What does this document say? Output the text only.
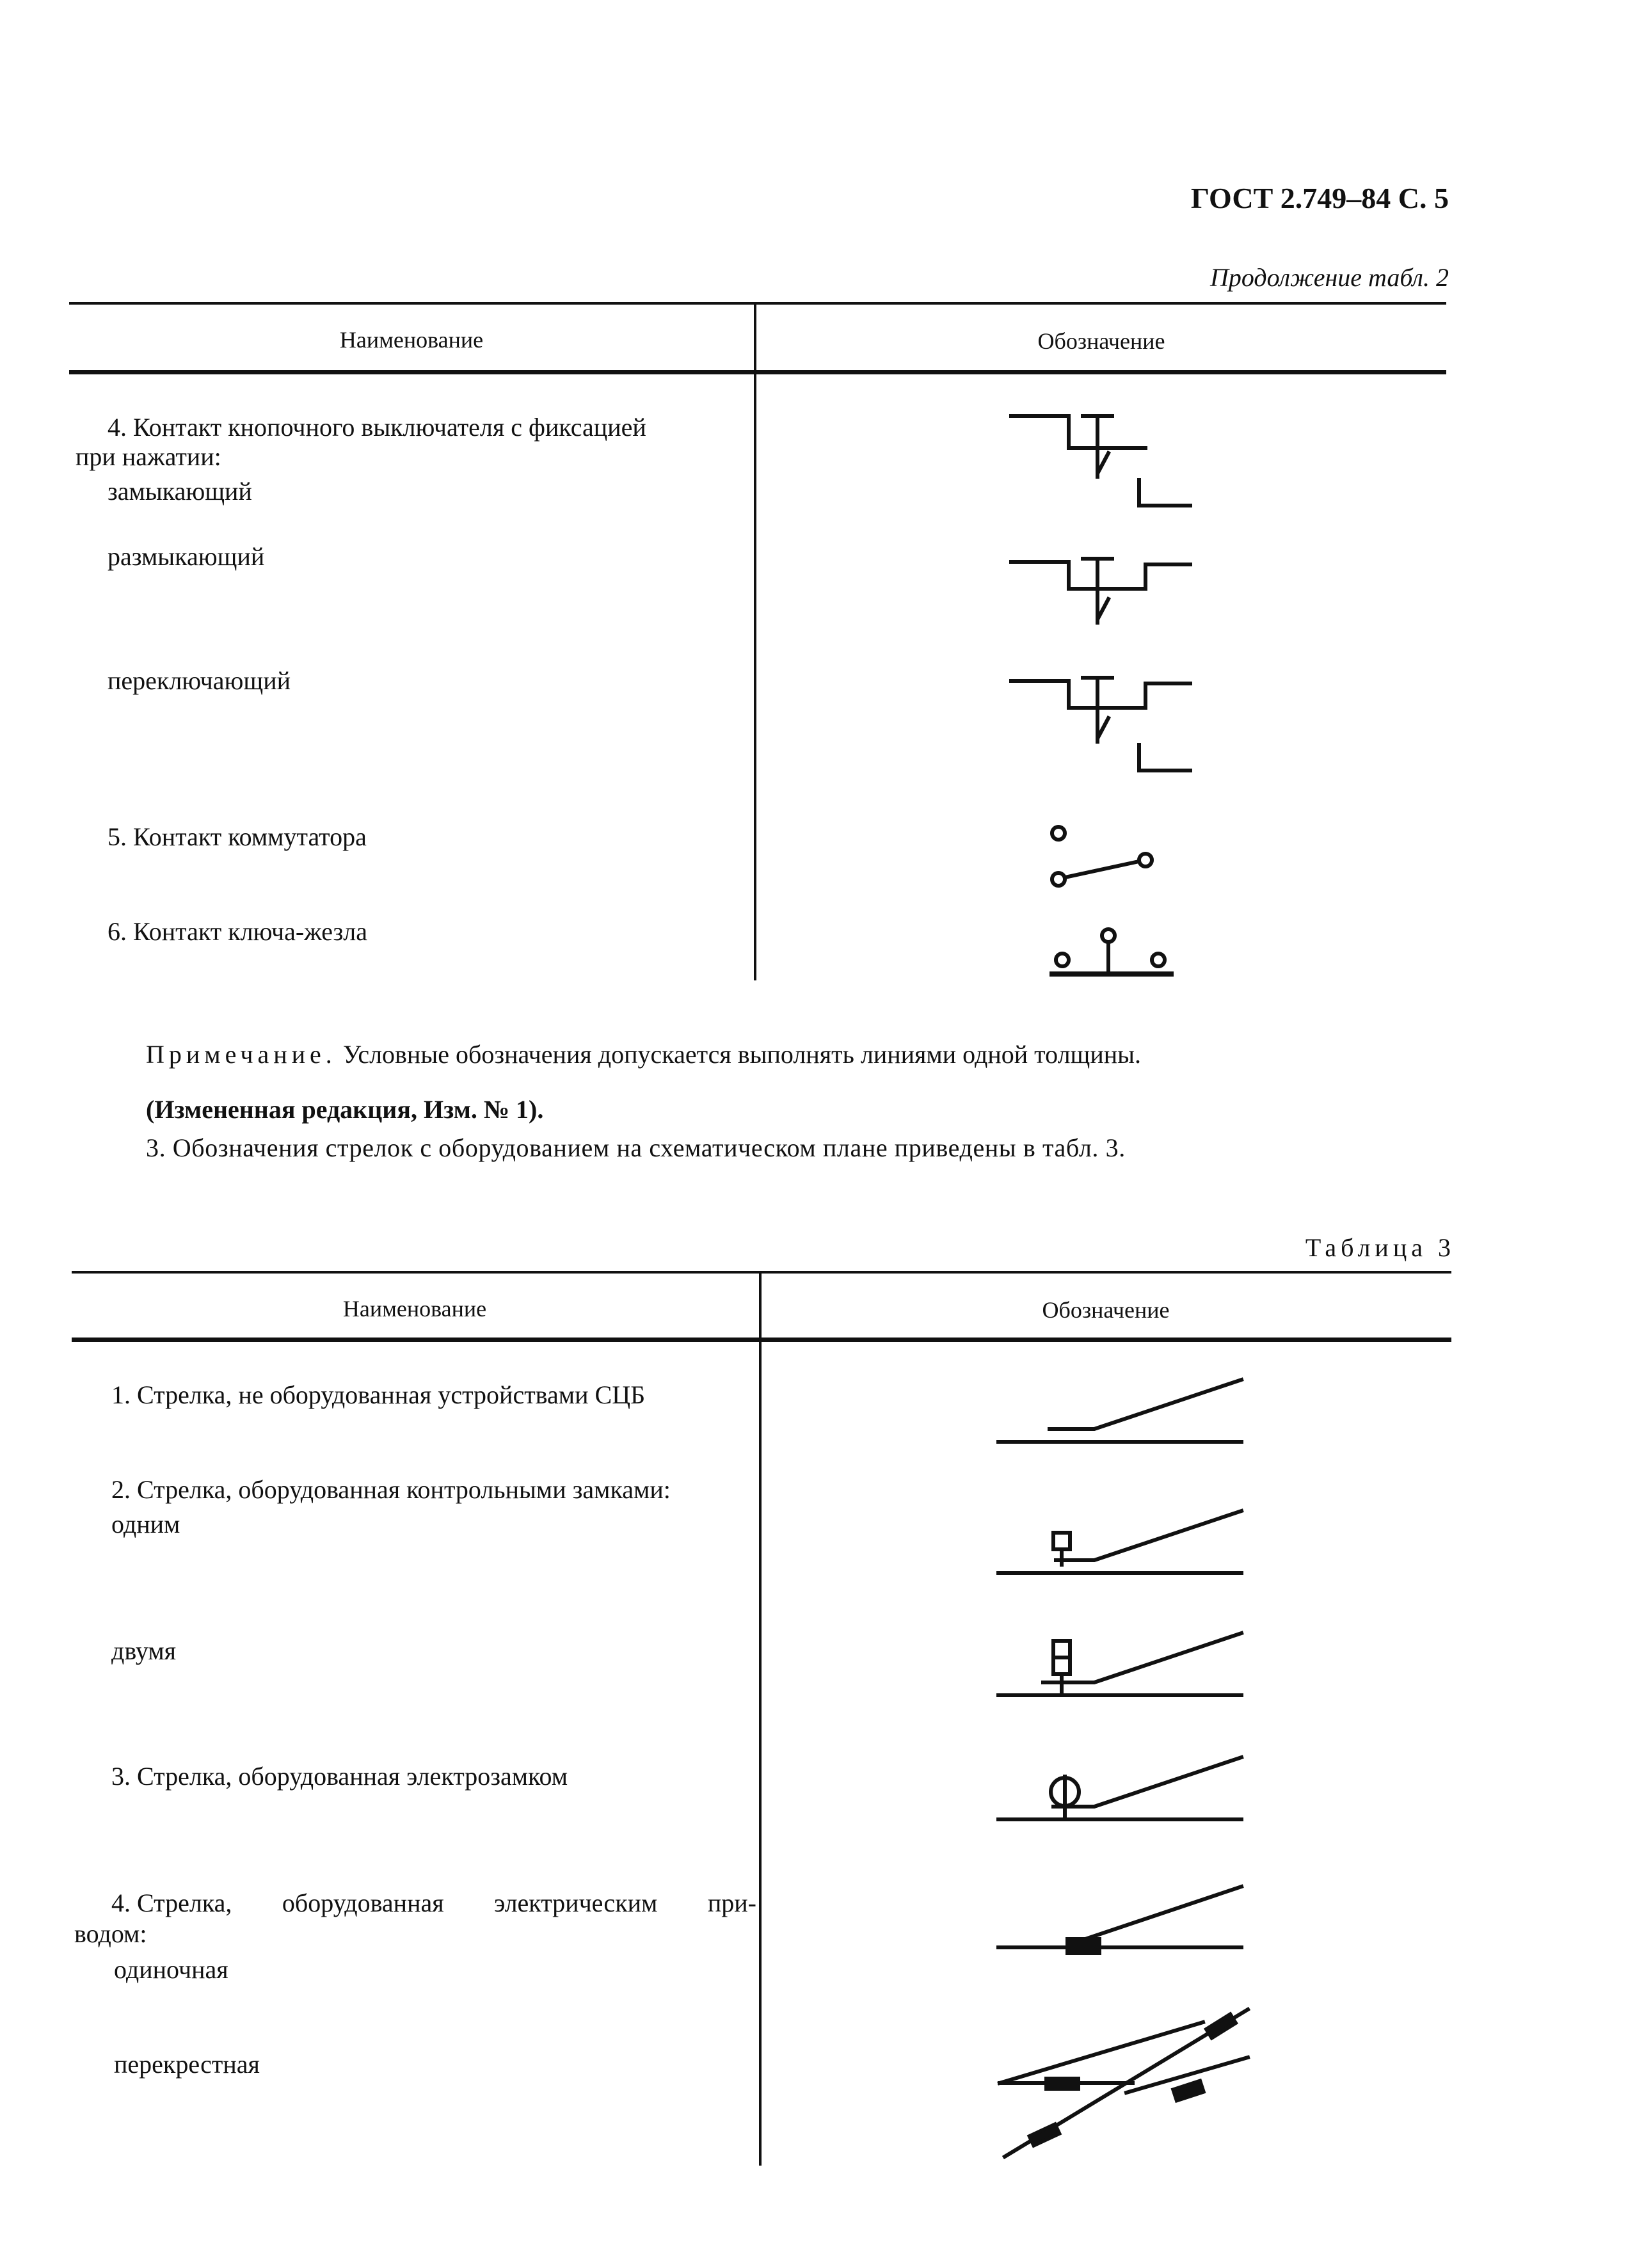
ГОСТ 2.749–84 С. 5
Продолжение табл. 2
Наименование	Обозначение
4. Контакт кнопочного выключателя с фиксацией
при нажатии:
замыкающий
размыкающий
переключающий
5. Контакт коммутатора
6. Контакт ключа-жезла
Примечание. Условные обозначения допускается выполнять линиями одной толщины.
(Измененная редакция, Изм. № 1).
3. Обозначения стрелок с оборудованием на схематическом плане приведены в табл. 3.
Таблица 3
Наименование	Обозначение
1. Стрелка, не оборудованная устройствами СЦБ
2. Стрелка, оборудованная контрольными замками:
одним
двумя
3. Стрелка, оборудованная электрозамком
4. Стрелка, оборудованная электрическим при-
водом:
одиночная
перекрестная
